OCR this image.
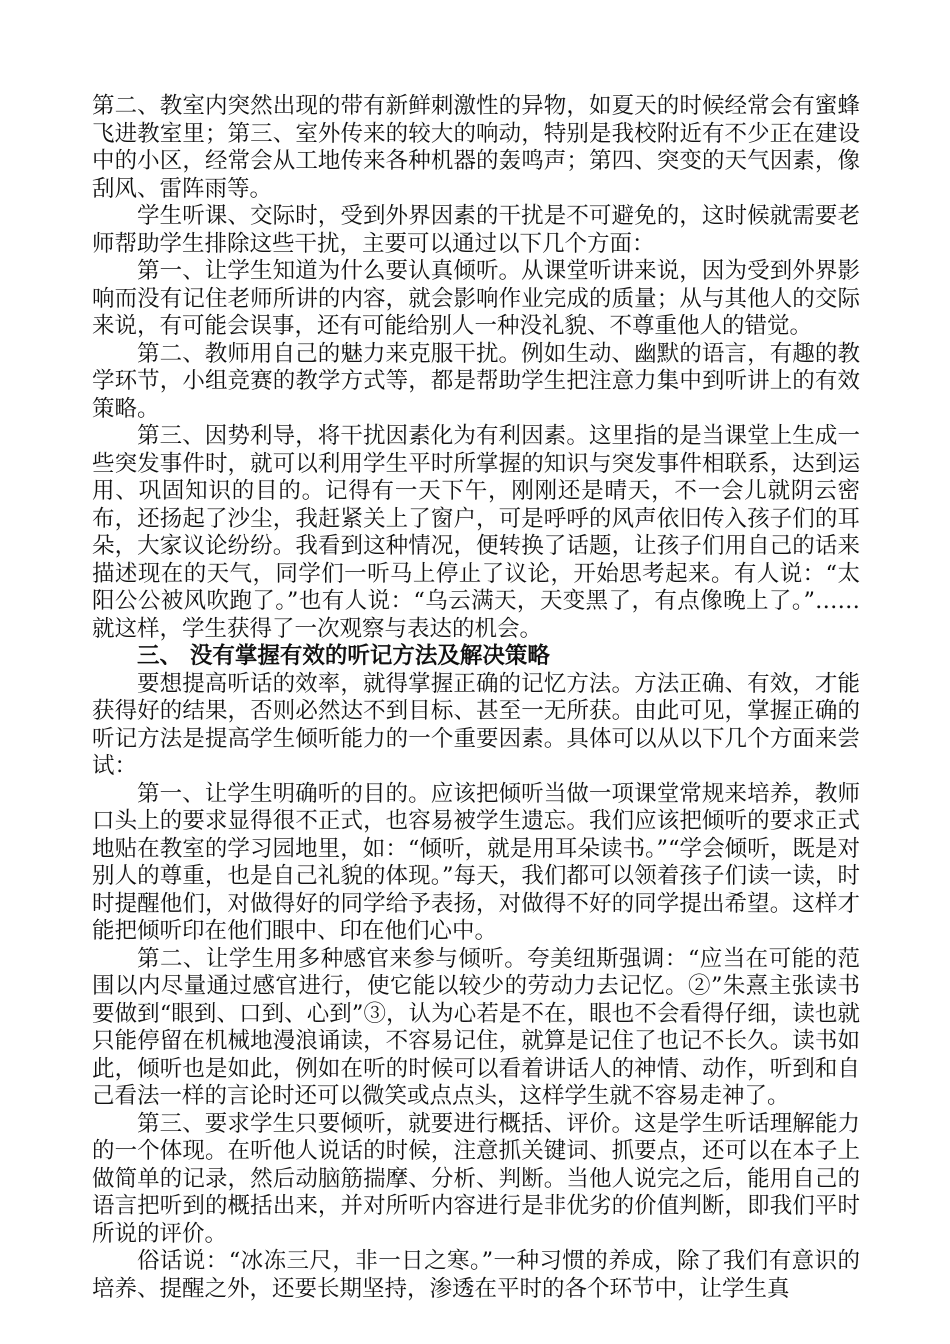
第二、教室内突然出现的带有新鲜刺激性的异物，如夏天的时候经常会有蜜蜂飞进教室里；第三、室外传来的较大的响动，特别是我校附近有不少正在建设中的小区，经常会从工地传来各种机器的轰鸣声；第四、突变的天气因素，像刮风、雷阵雨等。

学生听课、交际时，受到外界因素的干扰是不可避免的，这时候就需要老师帮助学生排除这些干扰，主要可以通过以下几个方面：

第一、让学生知道为什么要认真倾听。从课堂听讲来说，因为受到外界影响而没有记住老师所讲的内容，就会影响作业完成的质量；从与其他人的交际来说，有可能会误事，还有可能给别人一种没礼貌、不尊重他人的错觉。

第二、教师用自己的魅力来克服干扰。例如生动、幽默的语言，有趣的教学环节，小组竞赛的教学方式等，都是帮助学生把注意力集中到听讲上的有效策略。

第三、因势利导，将干扰因素化为有利因素。这里指的是当课堂上生成一些突发事件时，就可以利用学生平时所掌握的知识与突发事件相联系，达到运用、巩固知识的目的。记得有一天下午，刚刚还是晴天，不一会儿就阴云密布，还扬起了沙尘，我赶紧关上了窗户，可是呼呼的风声依旧传入孩子们的耳朵，大家议论纷纷。我看到这种情况，便转换了话题，让孩子们用自己的话来描述现在的天气，同学们一听马上停止了议论，开始思考起来。有人说：“太阳公公被风吹跑了。”也有人说：“乌云满天，天变黑了，有点像晚上了。”……就这样，学生获得了一次观察与表达的机会。

三、 没有掌握有效的听记方法及解决策略

要想提高听话的效率，就得掌握正确的记忆方法。方法正确、有效，才能获得好的结果，否则必然达不到目标、甚至一无所获。由此可见，掌握正确的听记方法是提高学生倾听能力的一个重要因素。具体可以从以下几个方面来尝试：

第一、让学生明确听的目的。应该把倾听当做一项课堂常规来培养，教师口头上的要求显得很不正式，也容易被学生遗忘。我们应该把倾听的要求正式地贴在教室的学习园地里，如：“倾听，就是用耳朵读书。”“学会倾听，既是对别人的尊重，也是自己礼貌的体现。”每天，我们都可以领着孩子们读一读，时时提醒他们，对做得好的同学给予表扬，对做得不好的同学提出希望。这样才能把倾听印在他们眼中、印在他们心中。

第二、让学生用多种感官来参与倾听。夸美纽斯强调：“应当在可能的范围以内尽量通过感官进行，使它能以较少的劳动力去记忆。②”朱熹主张读书要做到“眼到、口到、心到”③，认为心若是不在，眼也不会看得仔细，读也就只能停留在机械地漫浪诵读，不容易记住，就算是记住了也记不长久。读书如此，倾听也是如此，例如在听的时候可以看着讲话人的神情、动作，听到和自己看法一样的言论时还可以微笑或点点头，这样学生就不容易走神了。

第三、要求学生只要倾听，就要进行概括、评价。这是学生听话理解能力的一个体现。在听他人说话的时候，注意抓关键词、抓要点，还可以在本子上做简单的记录，然后动脑筋揣摩、分析、判断。当他人说完之后，能用自己的语言把听到的概括出来，并对所听内容进行是非优劣的价值判断，即我们平时所说的评价。

俗话说：“冰冻三尺，非一日之寒。”一种习惯的养成，除了我们有意识的培养、提醒之外，还要长期坚持，渗透在平时的各个环节中，让学生真
